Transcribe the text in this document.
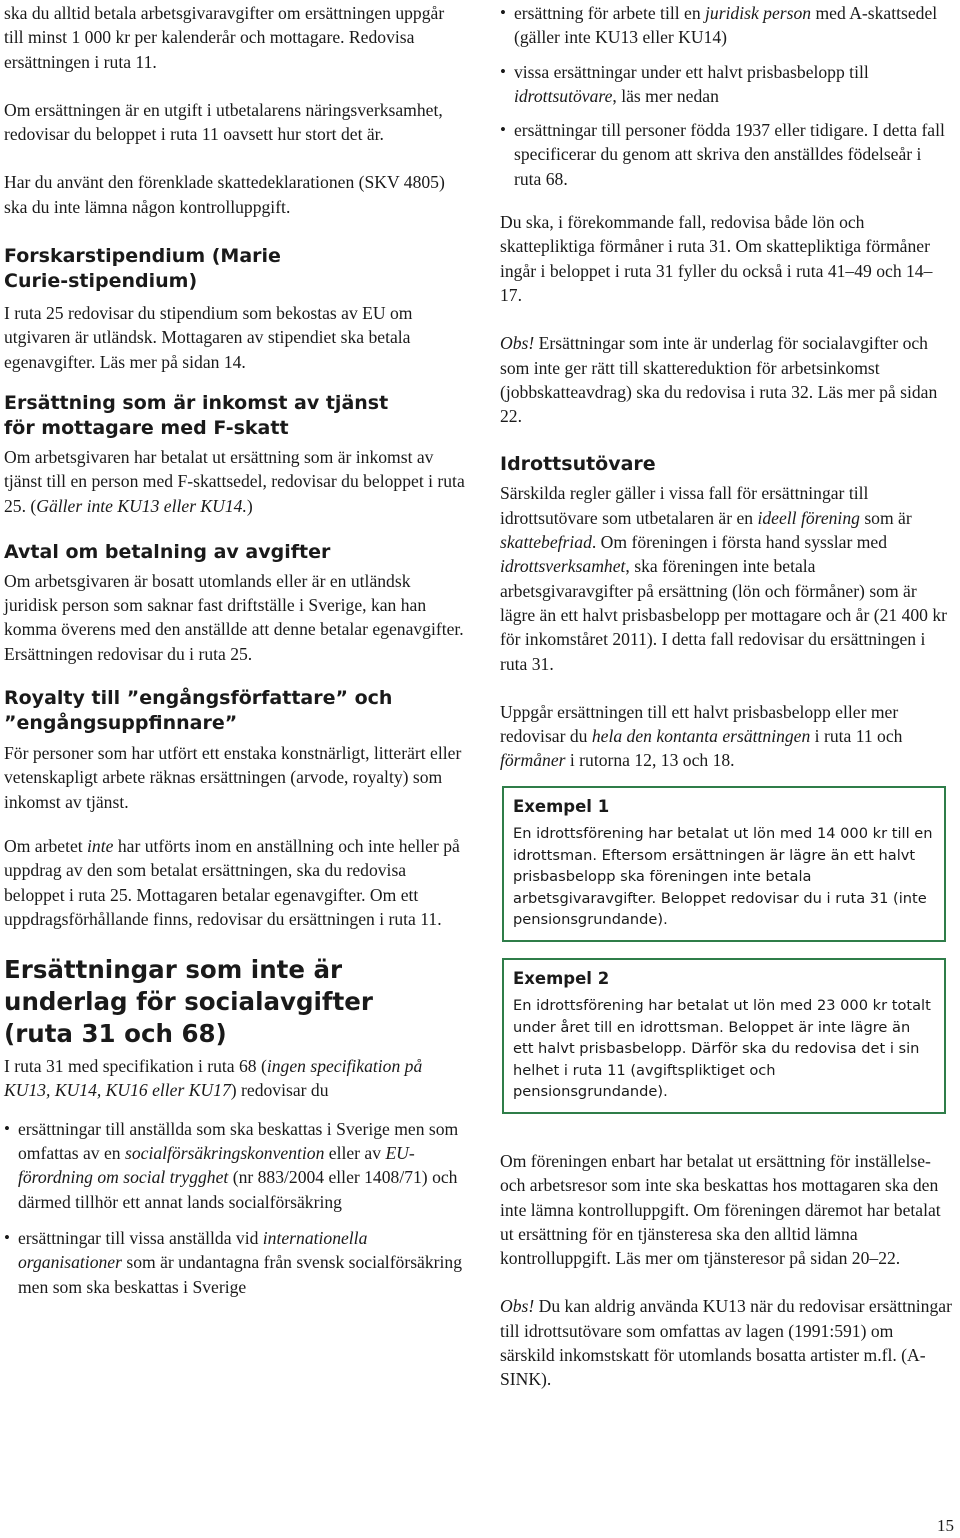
ska du alltid betala arbetsgivaravgifter om ersättningen uppgår till minst 1 000 kr per kalenderår och mottagare. Redovisa ersättningen i ruta 11.

Om ersättningen är en utgift i utbetalarens näringsverksamhet, redovisar du beloppet i ruta 11 oavsett hur stort det är.

Har du använt den förenklade skattedeklarationen (SKV 4805) ska du inte lämna någon kontrolluppgift.

Forskarstipendium (Marie Curie-stipendium)

I ruta 25 redovisar du stipendium som bekostas av EU om utgivaren är utländsk. Mottagaren av stipendiet ska betala egenavgifter. Läs mer på sidan 14.

Ersättning som är inkomst av tjänst för mottagare med F-skatt

Om arbetsgivaren har betalat ut ersättning som är inkomst av tjänst till en person med F-skattsedel, redovisar du beloppet i ruta 25. (Gäller inte KU13 eller KU14.)

Avtal om betalning av avgifter

Om arbetsgivaren är bosatt utomlands eller är en utländsk juridisk person som saknar fast driftställe i Sverige, kan han komma överens med den anställde att denne betalar egenavgifter. Ersättningen redovisar du i ruta 25.

Royalty till ”engångsförfattare” och ”engångsuppfinnare”

För personer som har utfört ett enstaka konstnärligt, litterärt eller vetenskapligt arbete räknas ersättningen (arvode, royalty) som inkomst av tjänst.

Om arbetet inte har utförts inom en anställning och inte heller på uppdrag av den som betalat ersättningen, ska du redovisa beloppet i ruta 25. Mottagaren betalar egenavgifter. Om ett uppdragsförhållande finns, redovisar du ersättningen i ruta 11.

Ersättningar som inte är underlag för socialavgifter (ruta 31 och 68)

I ruta 31 med specifikation i ruta 68 (ingen specifikation på KU13, KU14, KU16 eller KU17) redovisar du

• ersättningar till anställda som ska beskattas i Sverige men som omfattas av en socialförsäkringskonvention eller av EU-förordning om social trygghet (nr 883/2004 eller 1408/71) och därmed tillhör ett annat lands socialförsäkring
• ersättningar till vissa anställda vid internationella organisationer som är undantagna från svensk socialförsäkring men som ska beskattas i Sverige
• ersättning för arbete till en juridisk person med A-skattsedel (gäller inte KU13 eller KU14)
• vissa ersättningar under ett halvt prisbasbelopp till idrottsutövare, läs mer nedan
• ersättningar till personer födda 1937 eller tidigare. I detta fall specificerar du genom att skriva den anställdes födelseår i ruta 68.

Du ska, i förekommande fall, redovisa både lön och skattepliktiga förmåner i ruta 31. Om skattepliktiga förmåner ingår i beloppet i ruta 31 fyller du också i ruta 41–49 och 14–17.

Obs! Ersättningar som inte är underlag för socialavgifter och som inte ger rätt till skattereduktion för arbetsinkomst (jobbskatteavdrag) ska du redovisa i ruta 32. Läs mer på sidan 22.

Idrottsutövare

Särskilda regler gäller i vissa fall för ersättningar till idrottsutövare som utbetalaren är en ideell förening som är skattebefriad. Om föreningen i första hand sysslar med idrottsverksamhet, ska föreningen inte betala arbetsgivaravgifter på ersättning (lön och förmåner) som är lägre än ett halvt prisbasbelopp per mottagare och år (21 400 kr för inkomståret 2011). I detta fall redovisar du ersättningen i ruta 31.

Uppgår ersättningen till ett halvt prisbasbelopp eller mer redovisar du hela den kontanta ersättningen i ruta 11 och förmåner i rutorna 12, 13 och 18.

Exempel 1

En idrottsförening har betalat ut lön med 14 000 kr till en idrottsman. Eftersom ersättningen är lägre än ett halvt prisbasbelopp ska föreningen inte betala arbetsgivaravgifter. Beloppet redovisar du i ruta 31 (inte pensionsgrundande).

Exempel 2

En idrottsförening har betalat ut lön med 23 000 kr totalt under året till en idrottsman. Beloppet är inte lägre än ett halvt prisbasbelopp. Därför ska du redovisa det i sin helhet i ruta 11 (avgiftspliktiget och pensionsgrundande).

Om föreningen enbart har betalat ut ersättning för inställelse- och arbetsresor som inte ska beskattas hos mottagaren ska den inte lämna kontrolluppgift. Om föreningen däremot har betalat ut ersättning för en tjänsteresa ska den alltid lämna kontrolluppgift. Läs mer om tjänsteresor på sidan 20–22.

Obs! Du kan aldrig använda KU13 när du redovisar ersättningar till idrottsutövare som omfattas av lagen (1991:591) om särskild inkomstskatt för utomlands bosatta artister m.fl. (A-SINK).

15
